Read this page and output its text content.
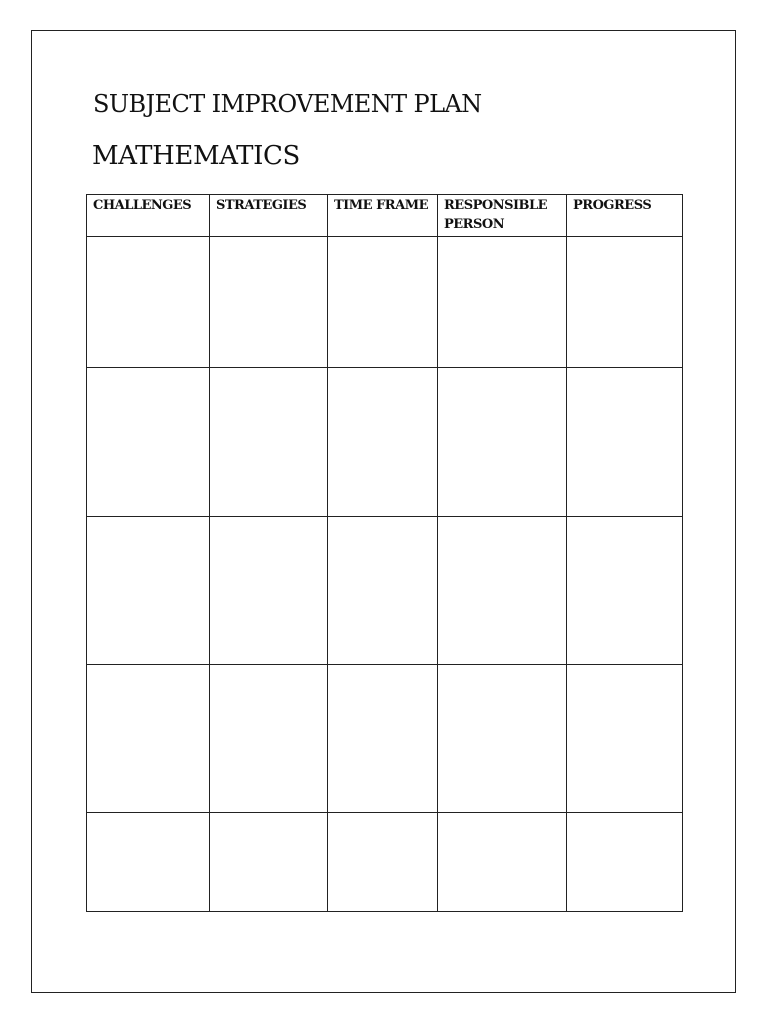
SUBJECT IMPROVEMENT PLAN
MATHEMATICS
CHALLENGES	STRATEGIES	TIME FRAME	RESPONSIBLE PERSON	PROGRESS
